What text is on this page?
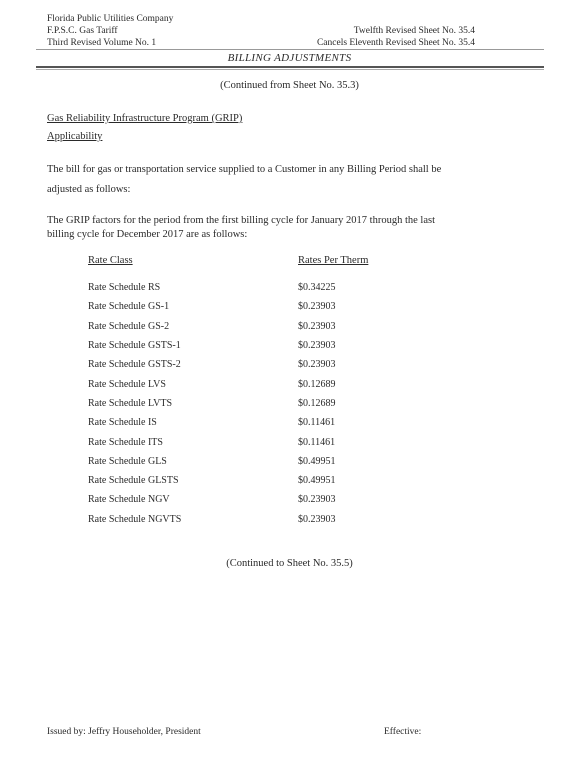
Florida Public Utilities Company
F.P.S.C. Gas Tariff
Third Revised Volume No. 1
Twelfth Revised Sheet No. 35.4
Cancels Eleventh Revised Sheet No. 35.4
BILLING ADJUSTMENTS
(Continued from Sheet No. 35.3)
Gas Reliability Infrastructure Program (GRIP)
Applicability
The bill for gas or transportation service supplied to a Customer in any Billing Period shall be
adjusted as follows:
The GRIP factors for the period from the first billing cycle for January 2017 through the last
billing cycle for December 2017 are as follows:
Rate Class	Rates Per Therm
Rate Schedule RS	$0.34225
Rate Schedule GS-1	$0.23903
Rate Schedule GS-2	$0.23903
Rate Schedule GSTS-1	$0.23903
Rate Schedule GSTS-2	$0.23903
Rate Schedule LVS	$0.12689
Rate Schedule LVTS	$0.12689
Rate Schedule IS	$0.11461
Rate Schedule ITS	$0.11461
Rate Schedule GLS	$0.49951
Rate Schedule GLSTS	$0.49951
Rate Schedule NGV	$0.23903
Rate Schedule NGVTS	$0.23903
(Continued to Sheet No. 35.5)
Issued by: Jeffry Householder, President	Effective:
